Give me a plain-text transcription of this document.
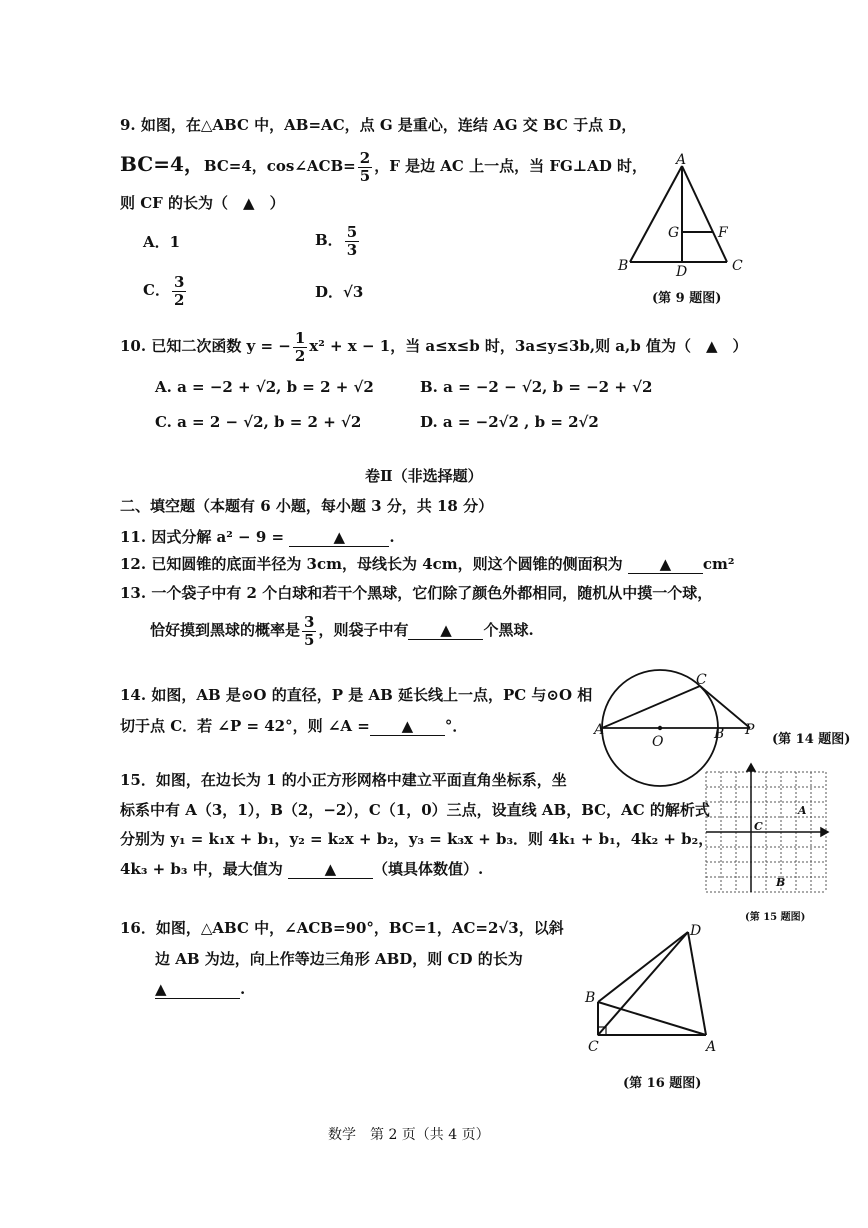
9. 如图，在△ABC 中，AB=AC，点 G 是重心，连结 AG 交 BC 于点 D，
BC=4，BC=4，cos∠ACB= $\frac{2}{5}$ ，F 是边 AC 上一点，当 FG⊥AD 时，
则 CF 的长为（　▲　）
A．1	B． $\frac{5}{3}$
C． $\frac{3}{2}$	D．√3
A
B	C
D
G	F
(第 9 题图)
10. 已知二次函数 y = − $\frac{1}{2} x^2 + x - 1$，当 a≤x≤b 时，3a≤y≤3b,则 a,b 值为（　▲　）
A. a = −2 + √2, b = 2 + √2	B. a = −2 − √2, b = −2 + √2
C. a = 2 − √2, b = 2 + √2	D. a = −2√2 , b = 2√2
卷Ⅱ（非选择题）
二、填空题（本题有 6 小题，每小题 3 分，共 18 分）
11. 因式分解 a² − 9 =	▲	.
12. 已知圆锥的底面半径为 3cm，母线长为 4cm，则这个圆锥的侧面积为 ▲ cm²
13. 一个袋子中有 2 个白球和若干个黑球，它们除了颜色外都相同，随机从中摸一个球，
恰好摸到黑球的概率是 $\frac{3}{5}$ ，则袋子中有 ▲ 个黑球.
14. 如图，AB 是⊙O 的直径，P 是 AB 延长线上一点，PC 与⊙O 相
切于点 C．若 ∠P = 42°，则 ∠A = ▲ °．	A
O	B P
C
(第 14 题图)
15．如图，在边长为 1 的小正方形网格中建立平面直角坐标系，坐
标系中有 A（3，1），B（2，−2），C（1，0）三点，设直线 AB，BC，AC 的解析式
分别为 y₁ = k₁x + b₁，y₂ = k₂x + b₂，y₃ = k₃x + b₃．则 4k₁ + b₁，4k₂ + b₂，
4k₃ + b₃ 中，最大值为	▲ （填具体数值）.
A
B
C
(第 15 题图)
16．如图，△ABC 中，∠ACB=90°，BC=1，AC=2√3，以斜
边 AB 为边，向上作等边三角形 ABD，则 CD 的长为
▲	.	B
C	A
D
(第 16 题图)
数学　第 2 页（共 4 页）
